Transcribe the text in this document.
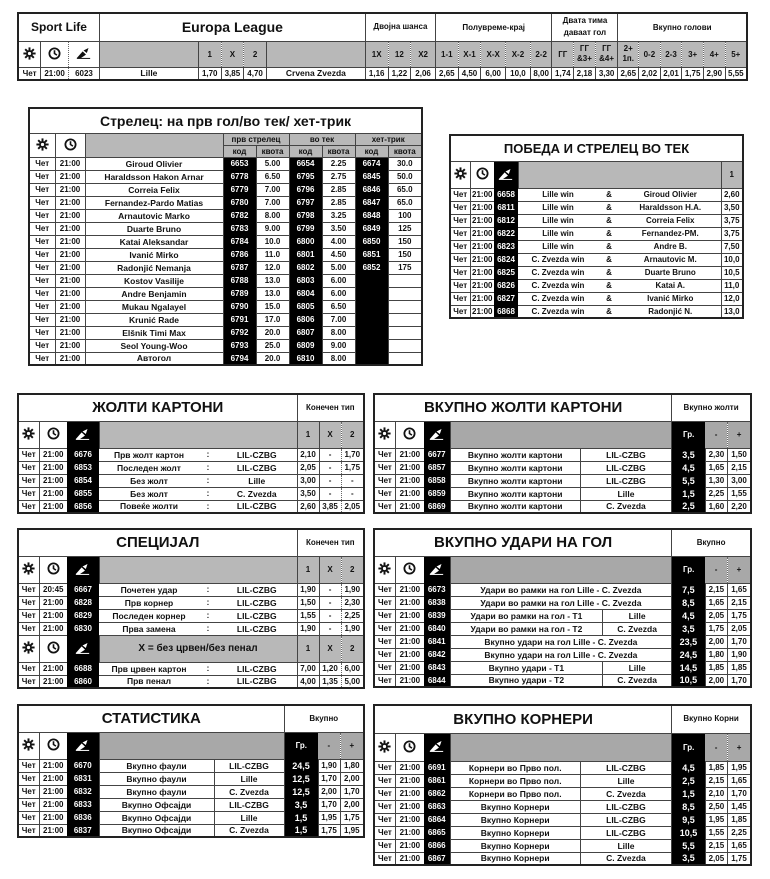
Sport Life			Europa League					Двојна шанса			Полувреме-крај					Двата тима даваат гол			Вкупно голови					
				1	X	2		1X	12	X2	1-1	X-1	X-X	X-2	2-2	ГГ	ГГ &3+	ГГ &4+	2+ 1п.	0-2	2-3	3+	4+	5+
Чет	21:00	6023	Lille	1,70	3,85	4,70	Crvena Zvezda	1,16	1,22	2,06	2,65	4,50	6,00	10,0	8,00	1,74	2,18	3,30	2,65	2,02	2,01	1,75	2,90	5,55
Стрелец: на прв гол/во тек/ хет-трик								
			прв стрелец		во тек		хет-трик	
			код	квота	код	квота	код	квота
Чет	21:00	Giroud Olivier	6653	5.00	6654	2.25	6674	30.0
Чет	21:00	Haraldsson Hakon Arnar	6778	6.50	6795	2.75	6845	50.0
Чет	21:00	Correia Felix	6779	7.00	6796	2.85	6846	65.0
Чет	21:00	Fernandez-Pardo Matias	6780	7.00	6797	2.85	6847	65.0
Чет	21:00	Arnautovic Marko	6782	8.00	6798	3.25	6848	100
Чет	21:00	Duarte Bruno	6783	9.00	6799	3.50	6849	125
Чет	21:00	Katai Aleksandar	6784	10.0	6800	4.00	6850	150
Чет	21:00	Ivanić Mirko	6786	11.0	6801	4.50	6851	150
Чет	21:00	Radonjić Nemanja	6787	12.0	6802	5.00	6852	175
Чет	21:00	Kostov Vasilije	6788	13.0	6803	6.00		
Чет	21:00	Andre Benjamin	6789	13.0	6804	6.00		
Чет	21:00	Mukau Ngalayel	6790	15.0	6805	6.50		
Чет	21:00	Krunić Rade	6791	17.0	6806	7.00		
Чет	21:00	Elšnik Timi Max	6792	20.0	6807	8.00		
Чет	21:00	Seol Young-Woo	6793	25.0	6809	9.00		
Чет	21:00	Автогол	6794	20.0	6810	8.00		
ПОБЕДА И СТРЕЛЕЦ ВО ТЕК						
				1
Чет	21:00	6658	Lille win	&	Giroud Olivier	2,60
Чет	21:00	6811	Lille win	&	Haraldsson H.A.	3,50
Чет	21:00	6812	Lille win	&	Correia Felix	3,75
Чет	21:00	6822	Lille win	&	Fernandez-PM.	3,75
Чет	21:00	6823	Lille win	&	Andre B.	7,50
Чет	21:00	6824	C. Zvezda win	&	Arnautovic M.	10,0
Чет	21:00	6825	C. Zvezda win	&	Duarte Bruno	10,5
Чет	21:00	6826	C. Zvezda win	&	Katai A.	11,0
Чет	21:00	6827	C. Zvezda win	&	Ivanić Mirko	12,0
Чет	21:00	6868	C. Zvezda win	&	Radonjić N.	13,0
ЖОЛТИ КАРТОНИ						Конечен тип		
				1	X	2
Чет	21:00	6676	Прв жолт картон	:	LIL-CZBG	2,10	-	1,70
Чет	21:00	6853	Последен жолт	:	LIL-CZBG	2,05	-	1,75
Чет	21:00	6854	Без жолт	:	Lille	3,00	-	-
Чет	21:00	6855	Без жолт	:	C. Zvezda	3,50	-	-
Чет	21:00	6856	Повеќе жолти	:	LIL-CZBG	2,60	3,85	2,05
ВКУПНО ЖОЛТИ КАРТОНИ					Вкупно жолти		
				Гр.	-	+
Чет	21:00	6677	Вкупно жолти картони	LIL-CZBG	3,5	2,30	1,50
Чет	21:00	6857	Вкупно жолти картони	LIL-CZBG	4,5	1,65	2,15
Чет	21:00	6858	Вкупно жолти картони	LIL-CZBG	5,5	1,30	3,00
Чет	21:00	6859	Вкупно жолти картони	Lille	1,5	2,25	1,55
Чет	21:00	6869	Вкупно жолти картони	C. Zvezda	2,5	1,60	2,20
СПЕЦИЈАЛ						Конечен тип		
				1	X	2
Чет	20:45	6667	Почетен удар	:	LIL-CZBG	1,90	-	1,90
Чет	21:00	6828	Прв корнер	:	LIL-CZBG	1,50	-	2,30
Чет	21:00	6829	Последен корнер	:	LIL-CZBG	1,55	-	2,25
Чет	21:00	6830	Прва замена	:	LIL-CZBG	1,90	-	1,90
			X = без црвен/без пенал			1	X	2
Чет	21:00	6688	Прв црвен картон	:	LIL-CZBG	7,00	1,20	6,00
Чет	21:00	6860	Прв пенал	:	LIL-CZBG	4,00	1,35	5,00
ВКУПНО УДАРИ НА ГОЛ					Вкупно		
				Гр.	-	+
Чет	21:00	6673	Удари во рамки на гол Lille - C. Zvezda		7,5	2,15	1,65
Чет	21:00	6838	Удари во рамки на гол Lille - C. Zvezda		8,5	1,65	2,15
Чет	21:00	6839	Удари во рамки на гол - T1	Lille	4,5	2,05	1,75
Чет	21:00	6840	Удари во рамки на гол - T2	C. Zvezda	3,5	1,75	2,05
Чет	21:00	6841	Вкупно удари на гол Lille - C. Zvezda		23,5	2,00	1,70
Чет	21:00	6842	Вкупно удари на гол Lille - C. Zvezda		24,5	1,80	1,90
Чет	21:00	6843	Вкупно удари - T1	Lille	14,5	1,85	1,85
Чет	21:00	6844	Вкупно удари - T2	C. Zvezda	10,5	2,00	1,70
СТАТИСТИКА					Вкупно		
				Гр.	-	+
Чет	21:00	6670	Вкупно фаули	LIL-CZBG	24,5	1,90	1,80
Чет	21:00	6831	Вкупно фаули	Lille	12,5	1,70	2,00
Чет	21:00	6832	Вкупно фаули	C. Zvezda	12,5	2,00	1,70
Чет	21:00	6833	Вкупно Офсајди	LIL-CZBG	3,5	1,70	2,00
Чет	21:00	6836	Вкупно Офсајди	Lille	1,5	1,95	1,75
Чет	21:00	6837	Вкупно Офсајди	C. Zvezda	1,5	1,75	1,95
ВКУПНО КОРНЕРИ					Вкупно Корни		
				Гр.	-	+
Чет	21:00	6691	Корнери во Прво пол.	LIL-CZBG	4,5	1,85	1,95
Чет	21:00	6861	Корнери во Прво пол.	Lille	2,5	2,15	1,65
Чет	21:00	6862	Корнери во Прво пол.	C. Zvezda	1,5	2,10	1,70
Чет	21:00	6863	Вкупно Корнери	LIL-CZBG	8,5	2,50	1,45
Чет	21:00	6864	Вкупно Корнери	LIL-CZBG	9,5	1,95	1,85
Чет	21:00	6865	Вкупно Корнери	LIL-CZBG	10,5	1,55	2,25
Чет	21:00	6866	Вкупно Корнери	Lille	5,5	2,15	1,65
Чет	21:00	6867	Вкупно Корнери	C. Zvezda	3,5	2,05	1,75
